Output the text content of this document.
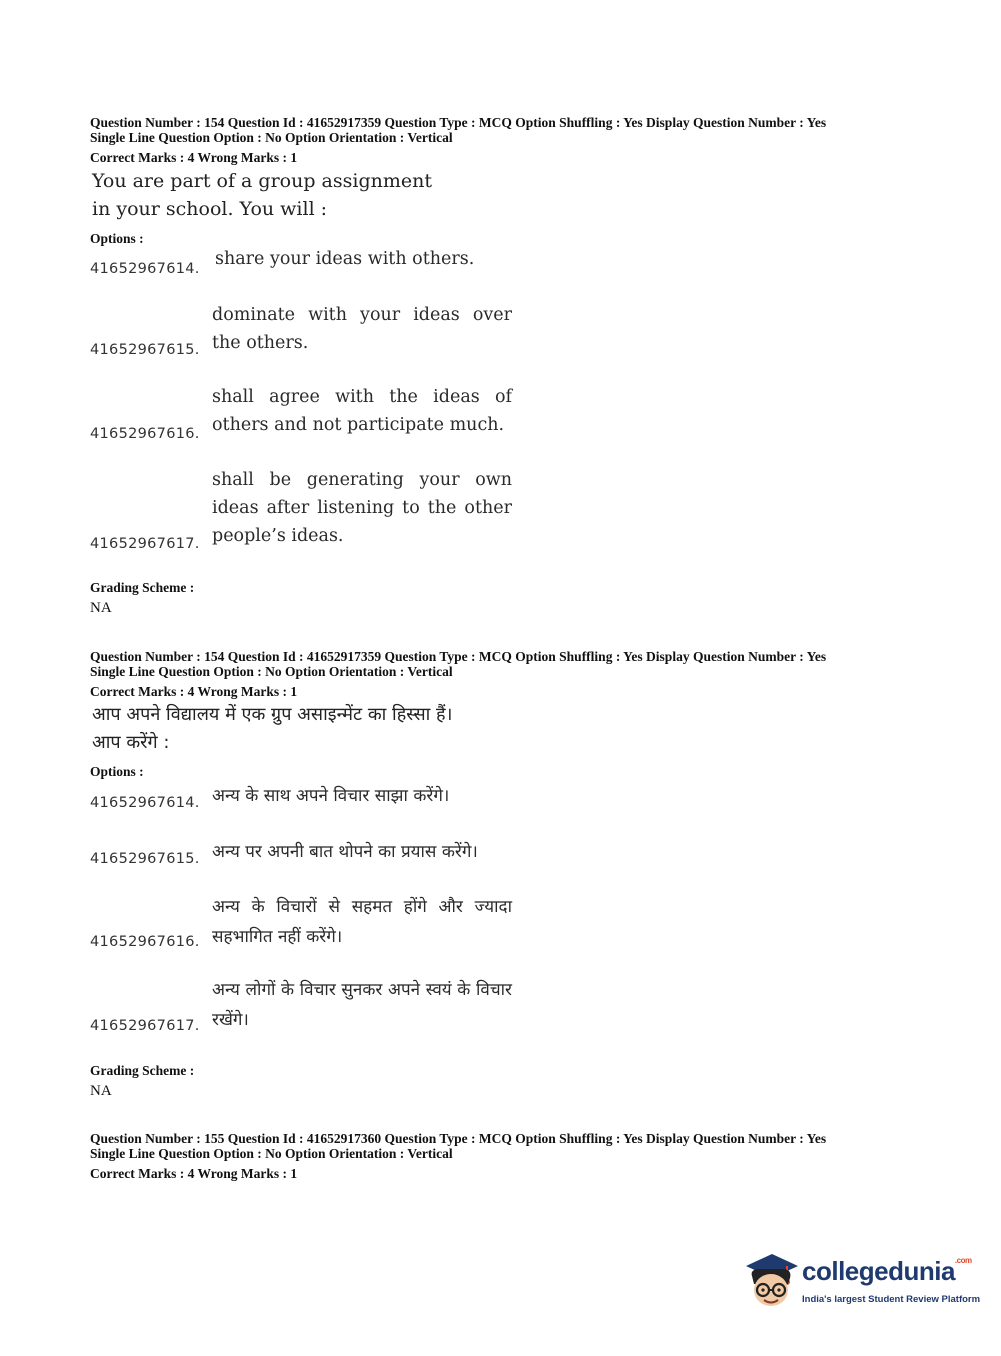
Question Number : 154 Question Id : 41652917359 Question Type : MCQ Option Shuffling : Yes Display Question Number : Yes
Single Line Question Option : No Option Orientation : Vertical
Correct Marks : 4 Wrong Marks : 1
You are part of a group assignment in your school. You will :
Options :
41652967614. share your ideas with others.
41652967615.
dominate with your ideas over the others.
41652967616.
shall agree with the ideas of others and not participate much.
41652967617.
shall be generating your own ideas after listening to the other people’s ideas.
Grading Scheme :
NA
Question Number : 154 Question Id : 41652917359 Question Type : MCQ Option Shuffling : Yes Display Question Number : Yes
Single Line Question Option : No Option Orientation : Vertical
Correct Marks : 4 Wrong Marks : 1
आप अपने विद्यालय में एक ग्रुप असाइन्मेंट का हिस्सा हैं। आप करेंगे :
Options :
41652967614. अन्य के साथ अपने विचार साझा करेंगे।
41652967615. अन्य पर अपनी बात थोपने का प्रयास करेंगे।
41652967616.
अन्य के विचारों से सहमत होंगे और ज्यादा सहभागित नहीं करेंगे।
41652967617.
अन्य लोगों के विचार सुनकर अपने स्वयं के विचार रखेंगे।
Grading Scheme :
NA
Question Number : 155 Question Id : 41652917360 Question Type : MCQ Option Shuffling : Yes Display Question Number : Yes
Single Line Question Option : No Option Orientation : Vertical
Correct Marks : 4 Wrong Marks : 1
collegedunia$^{.com}$
India's largest Student Review Platform
